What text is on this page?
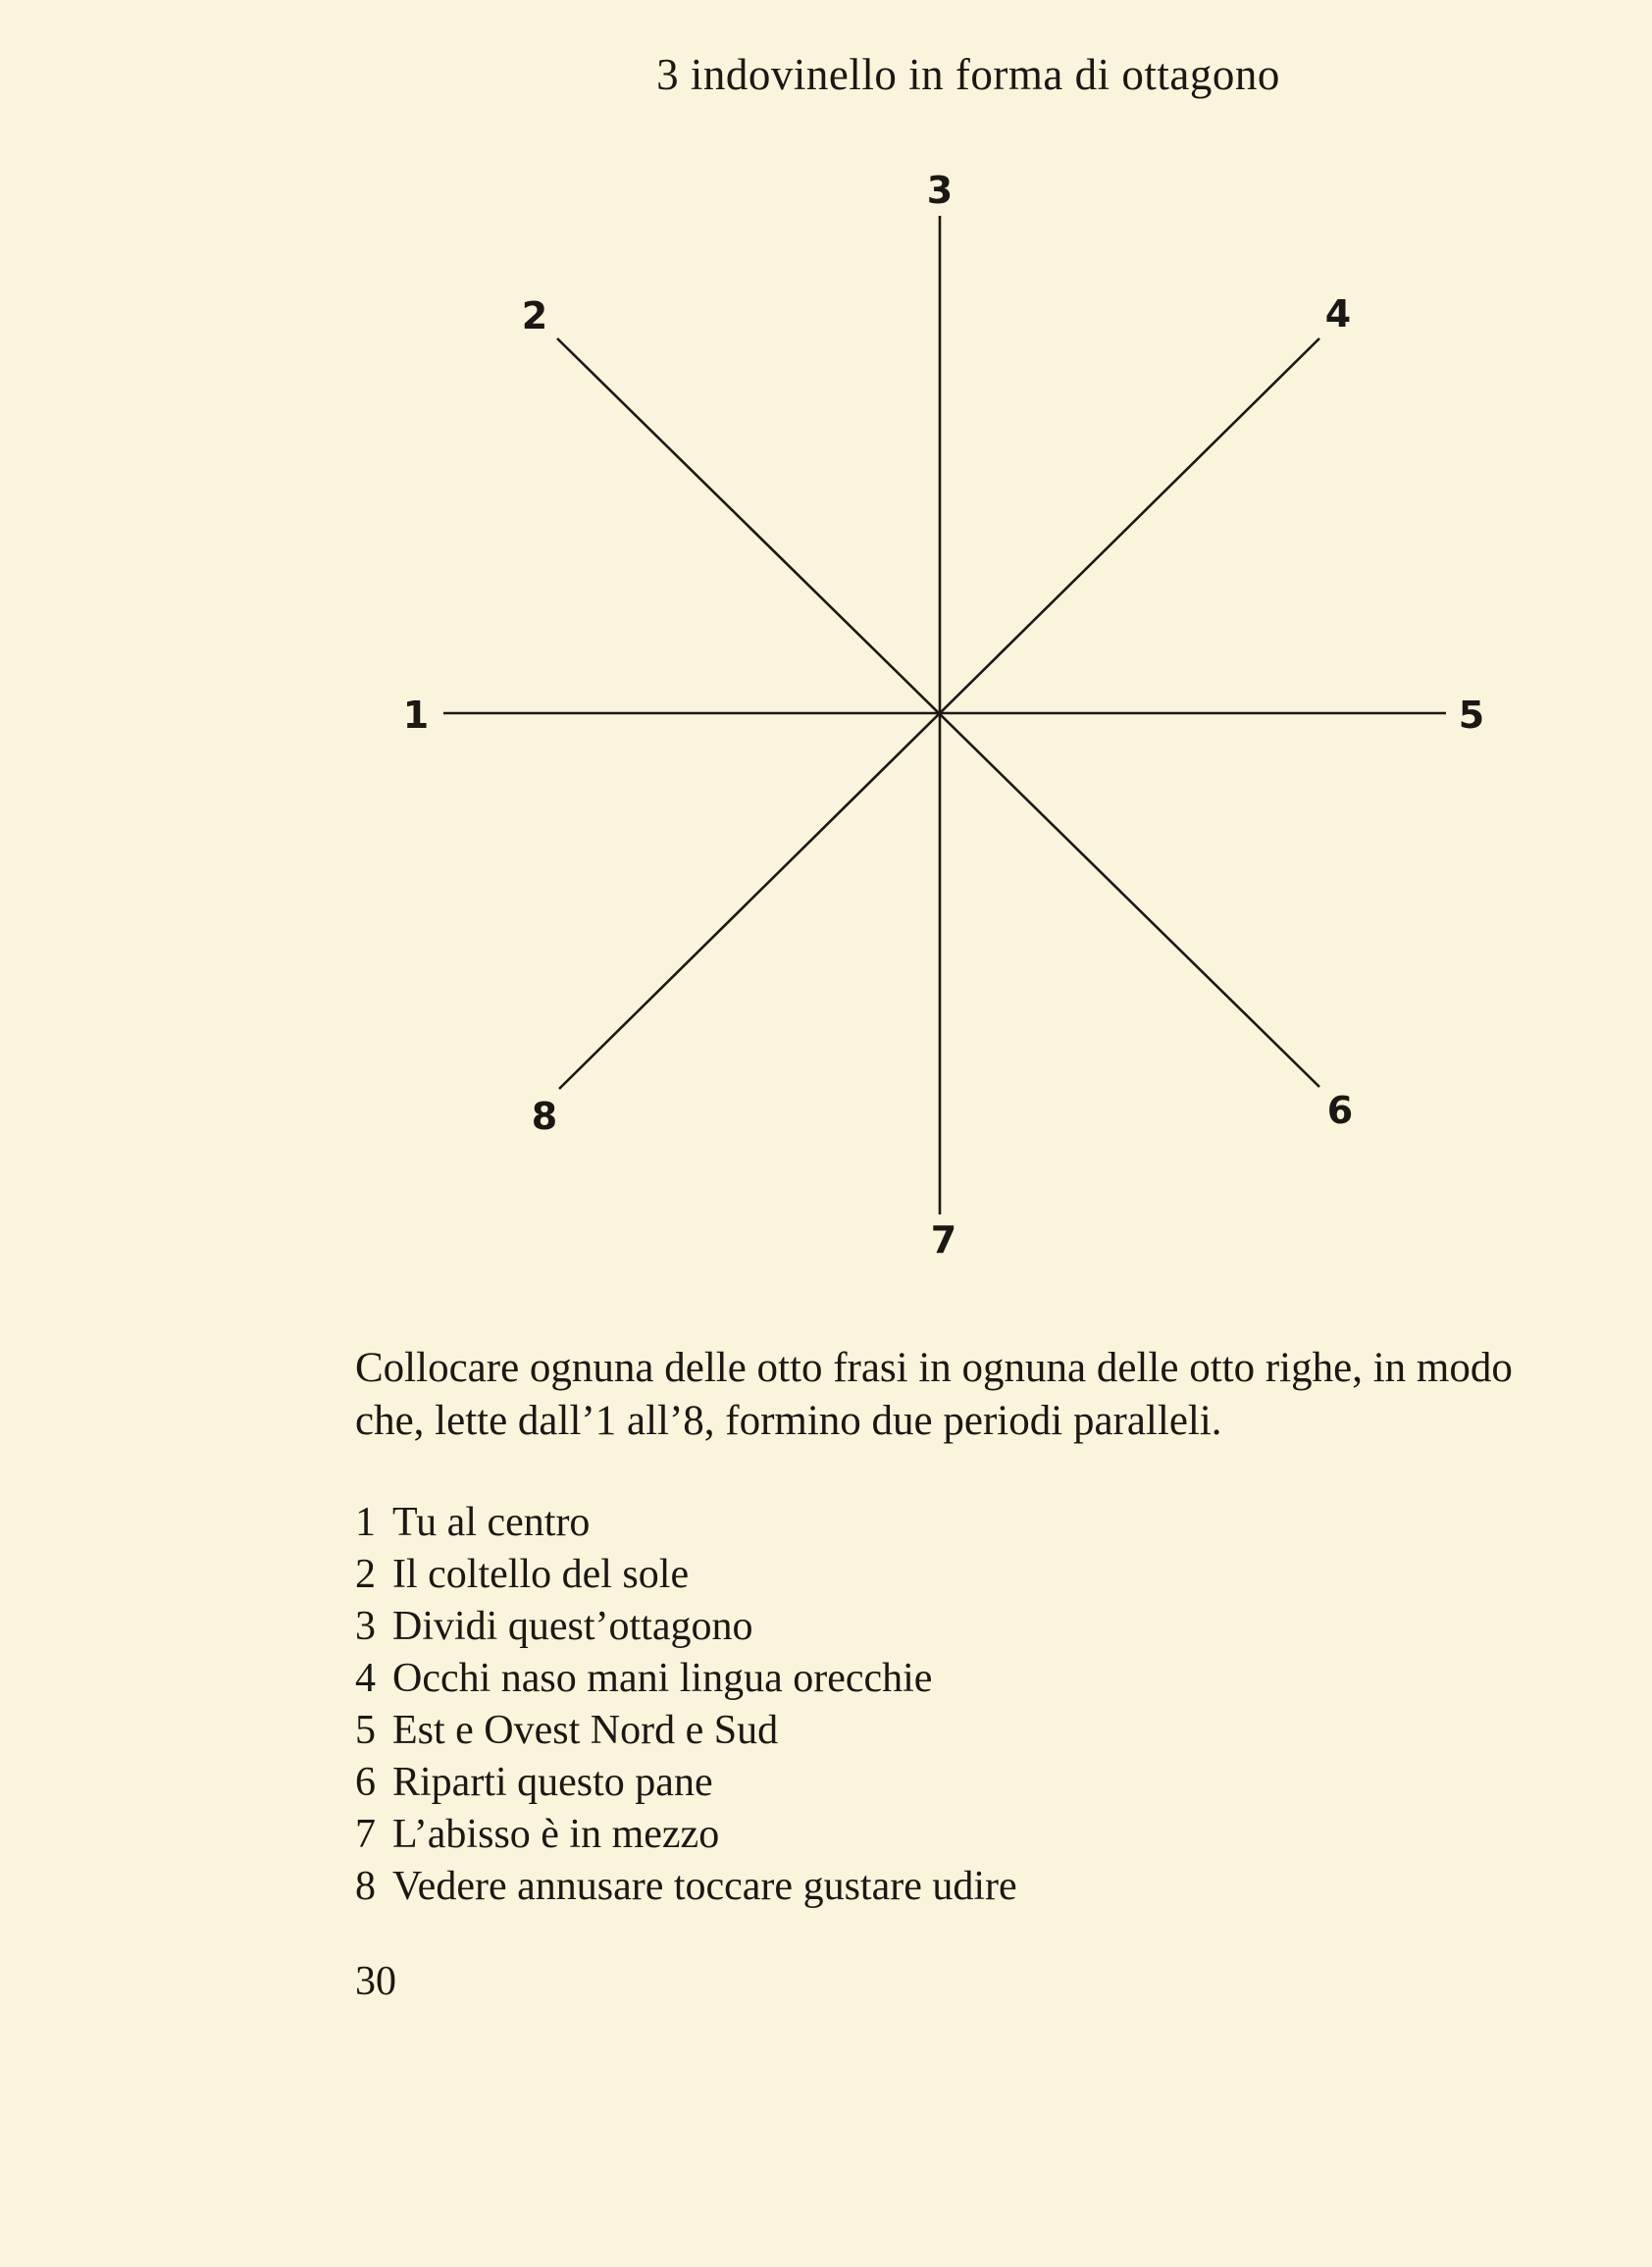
3 indovinello in forma di ottagono
1
2
3
4
5
6
7
8

Collocare ognuna delle otto frasi in ognuna delle otto righe, in modo che, lette dall’1 all’8, formino due periodi paralleli.

1 Tu al centro
2 Il coltello del sole
3 Dividi quest’ottagono
4 Occhi naso mani lingua orecchie
5 Est e Ovest Nord e Sud
6 Riparti questo pane
7 L’abisso è in mezzo
8 Vedere annusare toccare gustare udire
30
